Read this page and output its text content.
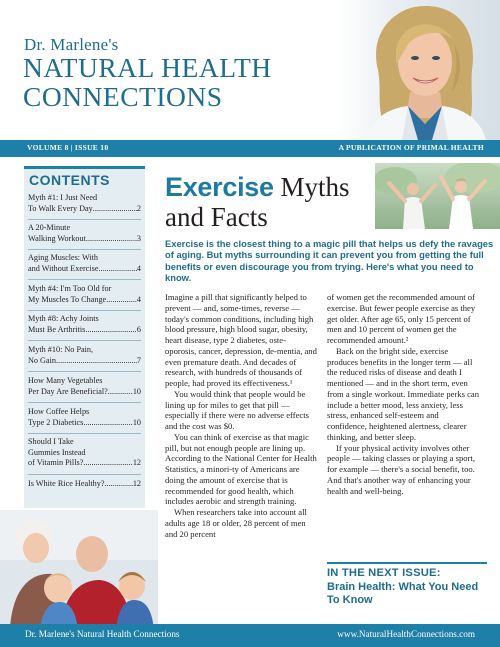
Dr. Marlene's
NATURAL HEALTH
CONNECTIONS
VOLUME 8 | ISSUE 10	A PUBLICATION OF PRIMAL HEALTH
CONTENTS
Myth #1: I Just Need
To Walk Every Day .....	2
A 20-Minute
Walking Workout .....	3
Aging Muscles: With
and Without Exercise .....	4
Myth #4: I'm Too Old for
My Muscles To Change .....	4
Myth #8: Achy Joints
Must Be Arthritis .....	6
Myth #10: No Pain,
No Gain .....	7
How Many Vegetables
Per Day Are Beneficial? .....	10
How Coffee Helps
Type 2 Diabetics .....	10
Should I Take
Gummies Instead
of Vitamin Pills? .....	12
Is White Rice Healthy? .....	12
Exercise Myths
and Facts
Exercise is the closest thing to a magic pill that helps us defy the ravages of aging. But myths surrounding it can prevent you from getting the full benefits or even discourage you from trying. Here's what you need to know.

Imagine a pill that significantly helped to prevent — and, some-times, reverse — today's common conditions, including high blood pressure, high blood sugar, obesity, heart disease, type 2 diabetes, oste-oporosis, cancer, depression, de-mentia, and even premature death. And decades of research, with hundreds of thousands of people, had proved its effectiveness.¹

You would think that people would be lining up for miles to get that pill — especially if there were no adverse effects and the cost was $0.

You can think of exercise as that magic pill, but not enough people are lining up. According to the National Center for Health Statistics, a minori-ty of Americans are doing the amount of exercise that is recommended for good health, which includes aerobic and strength training.

When researchers take into account all adults age 18 or older, 28 percent of men and 20 percent

of women get the recommended amount of exercise. But fewer people exercise as they get older. After age 65, only 15 percent of men and 10 percent of women get the recommended amount.²

Back on the bright side, exercise produces benefits in the longer term — all the reduced risks of disease and death I mentioned — and in the short term, even from a single workout. Immediate perks can include a better mood, less anxiety, less stress, enhanced self-esteem and confidence, heightened alertness, clearer thinking, and better sleep.

If your physical activity involves other people — taking classes or playing a sport, for example — there's a social benefit, too. And that's another way of enhancing your health and well-being.

IN THE NEXT ISSUE:
Brain Health: What You Need To Know
Dr. Marlene's Natural Health Connections	www.NaturalHealthConnections.com
